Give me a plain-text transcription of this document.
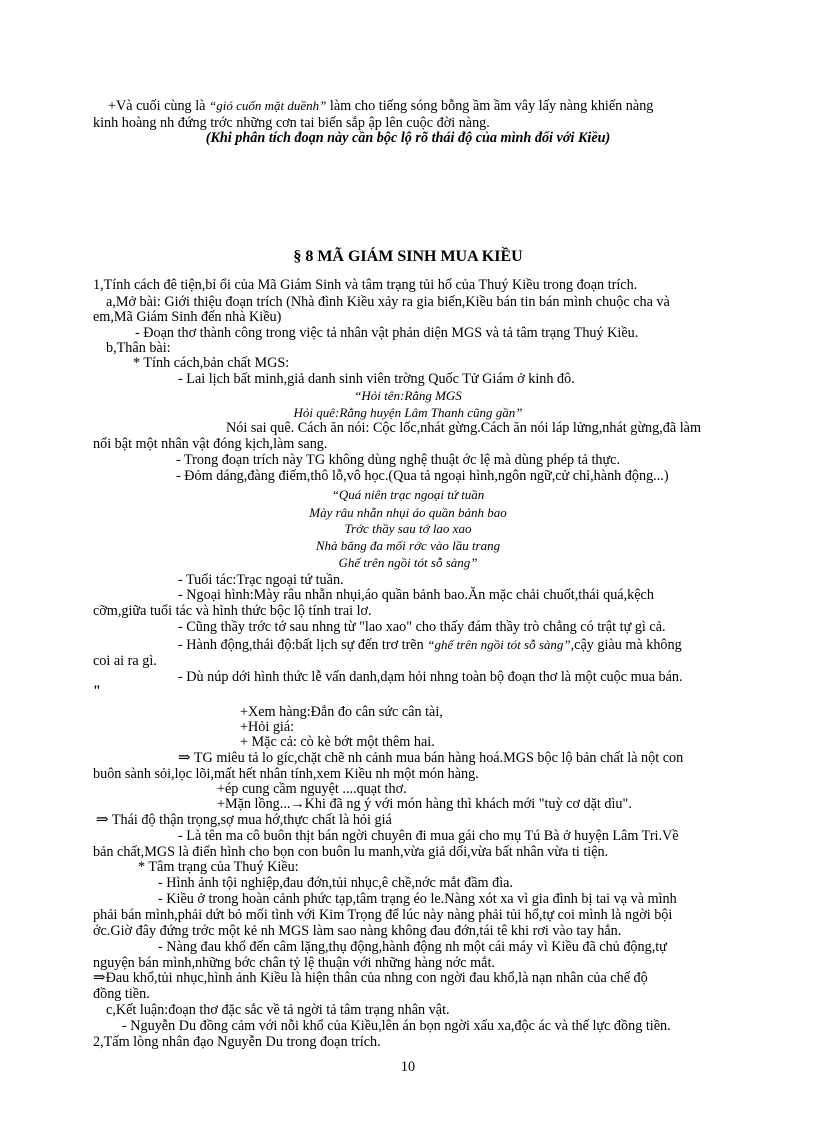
+Và cuối cùng là “gió cuốn mặt duềnh” làm cho tiếng sóng bỗng ầm ầm vây lấy nàng khiến nàng
kinh hoàng nh đứng trớc những cơn tai biến sắp ập lên cuộc đời nàng.
(Khi phân tích đoạn này cần bộc lộ rõ thái độ của mình đối với Kiều)
§ 8 MÃ GIÁM SINH MUA KIỀU
1,Tính cách đê tiện,bỉ ổi của Mã Giám Sinh và tâm trạng tủi hổ của Thuý Kiều trong đoạn trích.
a,Mở bài: Giới thiệu đoạn trích (Nhà đình Kiều xảy ra gia biến,Kiều bán tin bán mình chuộc cha và
em,Mã Giám Sinh đến nhà Kiều)
- Đoạn thơ thành công trong việc tả nhân vật phản diện MGS và tả tâm trạng Thuý Kiều.
b,Thân bài:
* Tính cách,bản chất MGS:
- Lai lịch bất minh,giả danh sinh viên trờng Quốc Tử Giám ở kinh đô.
“Hỏi tên:Rằng MGS
Hỏi quê:Rằng huyện Lâm Thanh cũng gần”
Nói sai quê. Cách ăn nói: Cộc lốc,nhát gừng.Cách ăn nói láp lửng,nhát gừng,đã làm
nổi bật một nhân vật đóng kịch,làm sang.
- Trong đoạn trích này TG không dùng nghệ thuật ớc lệ mà dùng phép tả thực.
- Đỏm dáng,đàng điếm,thô lỗ,vô học.(Qua tả ngoại hình,ngôn ngữ,cử chỉ,hành động...)
“Quá niên trạc ngoại tứ tuần
Mày râu nhẵn nhụi áo quần bảnh bao
Trớc thầy sau tớ lao xao
Nhà băng đa mối rớc vào lầu trang
Ghế trên ngồi tót sỗ sàng”
- Tuổi tác:Trạc ngoại tứ tuần.
- Ngoại hình:Mày râu nhẵn nhụi,áo quần bảnh bao.Ăn mặc chải chuốt,thái quá,kệch
cỡm,giữa tuổi tác và hình thức bộc lộ tính trai lơ.
- Cũng thầy trớc tớ sau nhng từ "lao xao" cho thấy đám thầy trò chẳng có trật tự gì cả.
- Hành động,thái độ:bất lịch sự đến trơ trẽn “ghế trên ngồi tót sỗ sàng”,cậy giàu mà không
coi ai ra gì.
- Dù núp dới hình thức lễ vấn danh,dạm hỏi nhng toàn bộ đoạn thơ là một cuộc mua bán.
"
+Xem hàng:Đắn đo cân sức cân tài,
+Hỏi giá:
+ Mặc cả: cò kè bớt một thêm hai.
⇒ TG miêu tả lo gíc,chặt chẽ nh cảnh mua bán hàng hoá.MGS bộc lộ bản chất là nột con
buôn sành sỏi,lọc lõi,mất hết nhân tính,xem Kiều nh một món hàng.
+ép cung cầm nguyệt ....quạt thơ.
+Mặn lồng...→Khi đã ng ý với món hàng thì khách mới "tuỳ cơ dặt dìu".
⇒ Thái độ thận trọng,sợ mua hớ,thực chất là hỏi giá
- Là tên ma cô buôn thịt bán ngời chuyên đi mua gái cho mụ Tú Bà ở huyện Lâm Tri.Về
bản chất,MGS là điển hình cho bọn con buôn lu manh,vừa giả dối,vừa bất nhân vừa ti tiện.
* Tâm trạng của Thuý Kiều:
- Hình ảnh tội nghiệp,đau đớn,tủi nhục,ê chề,nớc mắt đầm đìa.
- Kiều ở trong hoàn cảnh phức tạp,tâm trạng éo le.Nàng xót xa vì gia đình bị tai vạ và mình
phải bán mình,phải dứt bỏ mối tình với Kim Trọng để lúc này nàng phải tủi hổ,tự coi mình là ngời bội
ớc.Giờ đây đứng trớc một kẻ nh MGS làm sao nàng không đau đớn,tái tê khi rơi vào tay hắn.
- Nàng đau khổ đến câm lặng,thụ động,hành động nh một cái máy vì Kiều đã chủ động,tự
nguyện bán mình,những bớc chân tỷ lệ thuận với những hàng nớc mắt.
⇒Đau khổ,tủi nhục,hình ảnh Kiều là hiện thân của nhng con ngời đau khổ,là nạn nhân của chế độ
đồng tiền.
c,Kết luận:đoạn thơ đặc sắc về tả ngời tả tâm trạng nhân vật.
- Nguyễn Du đồng cảm với nỗi khổ của Kiều,lên án bọn ngời xấu xa,độc ác và thế lực đồng tiền.
2,Tấm lòng nhân đạo Nguyễn Du trong đoạn trích.
10
